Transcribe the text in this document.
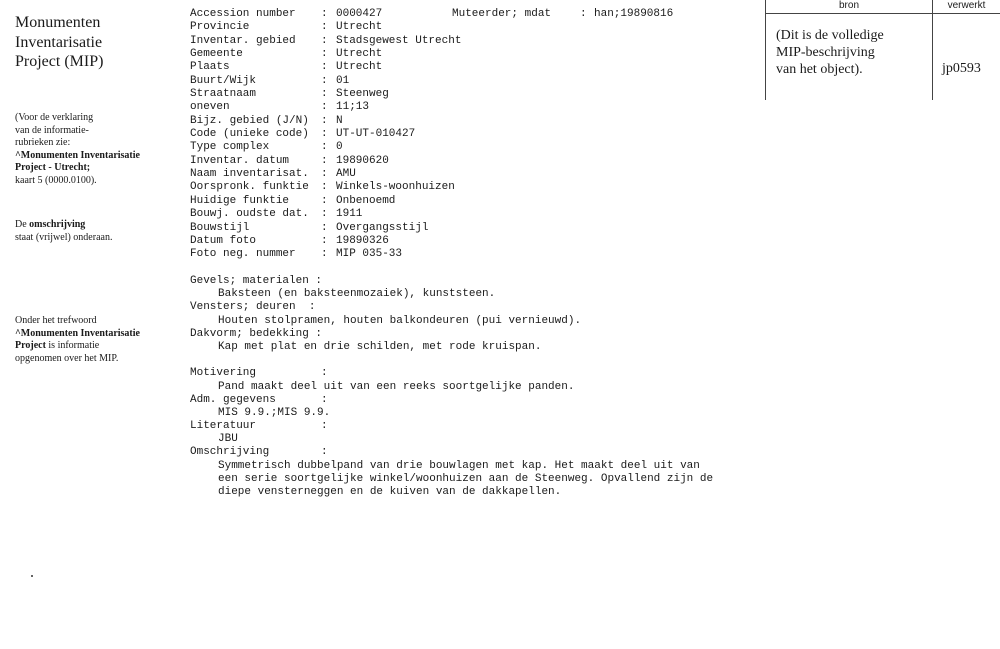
Monumenten
Inventarisatie
Project (MIP)
(Voor de verklaring
van de informatie-
rubrieken zie:
^Monumenten Inventarisatie
Project - Utrecht;
kaart 5 (0000.0100).
De omschrijving
staat (vrijwel) onderaan.
Onder het trefwoord
^Monumenten Inventarisatie
Project is informatie
opgenomen over het MIP.
Accession number : 0000427	Muteerder; mdat	: han;19890816
Provincie	: Utrecht
Inventar. gebied : Stadsgewest Utrecht
Gemeente	: Utrecht
Plaats	: Utrecht
Buurt/Wijk	: 01
Straatnaam	: Steenweg
oneven	: 11;13
Bijz. gebied (J/N) : N
Code (unieke code) : UT-UT-010427
Type complex	: 0
Inventar. datum	: 19890620
Naam inventarisat. : AMU
Oorspronk. funktie : Winkels-woonhuizen
Huidige funktie	: Onbenoemd
Bouwj. oudste dat. : 1911
Bouwstijl	: Overgangsstijl
Datum foto	: 19890326
Foto neg. nummer : MIP 035-33
Gevels; materialen :
Baksteen (en baksteenmozaiek), kunststeen.
Vensters; deuren  :
Houten stolpramen, houten balkondeuren (pui vernieuwd).
Dakvorm; bedekking :
Kap met plat en drie schilden, met rode kruispan.
Motivering	:
Pand maakt deel uit van een reeks soortgelijke panden.
Adm. gegevens	:
MIS 9.9.;MIS 9.9.
Literatuur	:
JBU
Omschrijving	:
Symmetrisch dubbelpand van drie bouwlagen met kap. Het maakt deel uit van
een serie soortgelijke winkel/woonhuizen aan de Steenweg. Opvallend zijn de
diepe vensterneggen en de kuiven van de dakkapellen.
bron	verwerkt
(Dit is de volledige
MIP-beschrijving
van het object).	jp0593
